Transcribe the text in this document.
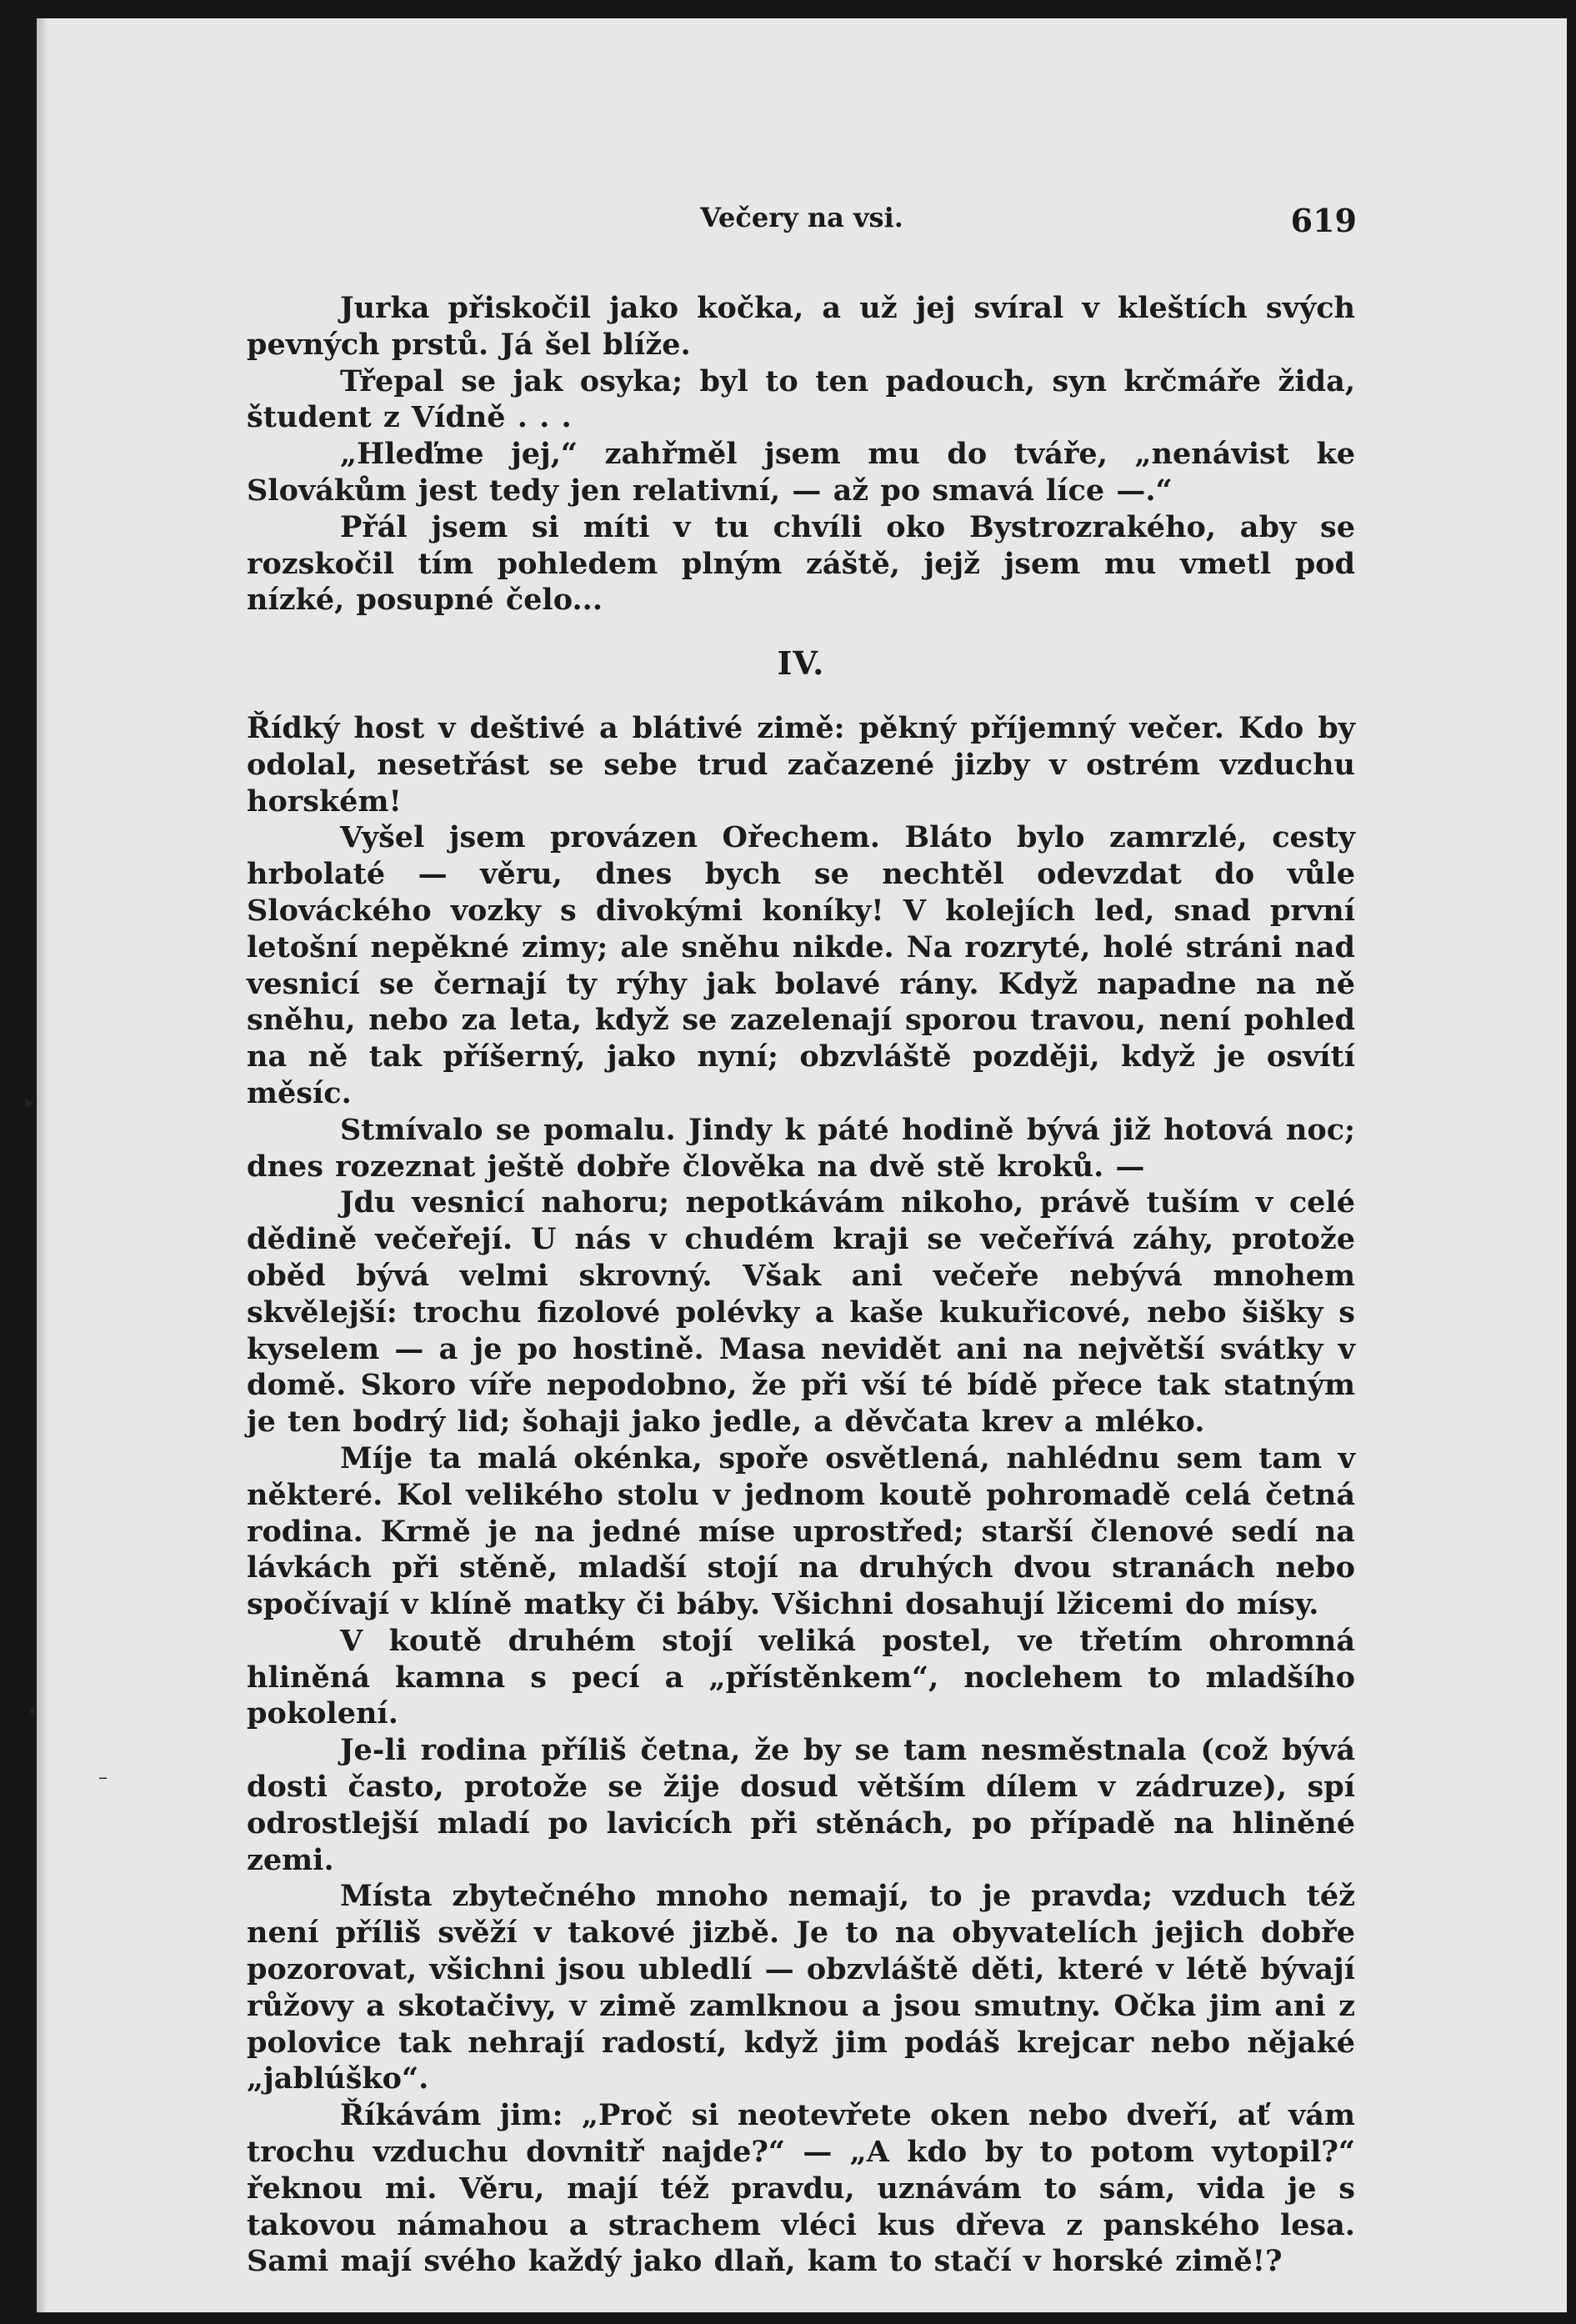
Večery na vsi.	619

Jurka přiskočil jako kočka, a už jej svíral v kleštích svých pevných prstů. Já šel blíže.

Třepal se jak osyka; byl to ten padouch, syn krčmáře žida, študent z Vídně . . .

„Hleďme jej,“ zahřměl jsem mu do tváře, „nenávist ke Slovákům jest tedy jen relativní, — až po smavá líce —.“

Přál jsem si míti v tu chvíli oko Bystrozrakého, aby se rozskočil tím pohledem plným záště, jejž jsem mu vmetl pod nízké, posupné čelo...

IV.

Řídký host v deštivé a blátivé zimě: pěkný příjemný večer. Kdo by odolal, nesetřást se sebe trud začazené jizby v ostrém vzduchu horském!

Vyšel jsem provázen Ořechem. Bláto bylo zamrzlé, cesty hrbolaté — věru, dnes bych se nechtěl odevzdat do vůle Slováckého vozky s divokými koníky! V kolejích led, snad první letošní nepěkné zimy; ale sněhu nikde. Na rozryté, holé stráni nad vesnicí se černají ty rýhy jak bolavé rány. Když napadne na ně sněhu, nebo za leta, když se zazelenají sporou travou, není pohled na ně tak příšerný, jako nyní; obzvláště později, když je osvítí měsíc.

Stmívalo se pomalu. Jindy k páté hodině bývá již hotová noc; dnes rozeznat ještě dobře člověka na dvě stě kroků. —

Jdu vesnicí nahoru; nepotkávám nikoho, právě tuším v celé dědině večeřejí. U nás v chudém kraji se večeřívá záhy, protože oběd bývá velmi skrovný. Však ani večeře nebývá mnohem skvělejší: trochu fizolové polévky a kaše kukuřicové, nebo šišky s kyselem — a je po hostině. Masa nevidět ani na největší svátky v domě. Skoro víře nepodobno, že při vší té bídě přece tak statným je ten bodrý lid; šohaji jako jedle, a děvčata krev a mléko.

Míje ta malá okénka, spoře osvětlená, nahlédnu sem tam v některé. Kol velikého stolu v jednom koutě pohromadě celá četná rodina. Krmě je na jedné míse uprostřed; starší členové sedí na lávkách při stěně, mladší stojí na druhých dvou stranách nebo spočívají v klíně matky či báby. Všichni dosahují lžicemi do mísy.

V koutě druhém stojí veliká postel, ve třetím ohromná hliněná kamna s pecí a „přístěnkem“, noclehem to mladšího pokolení.

Je-li rodina příliš četna, že by se tam nesměstnala (což bývá dosti často, protože se žije dosud větším dílem v zádruze), spí odrostlejší mladí po lavicích při stěnách, po případě na hliněné zemi.

Místa zbytečného mnoho nemají, to je pravda; vzduch též není příliš svěží v takové jizbě. Je to na obyvatelích jejich dobře pozorovat, všichni jsou ubledlí — obzvláště děti, které v létě bývají růžovy a skotačivy, v zimě zamlknou a jsou smutny. Očka jim ani z polovice tak nehrají radostí, když jim podáš krejcar nebo nějaké „jablúško“.

Říkávám jim: „Proč si neotevřete oken nebo dveří, ať vám trochu vzduchu dovnitř najde?“ — „A kdo by to potom vytopil?“ řeknou mi. Věru, mají též pravdu, uznávám to sám, vida je s takovou námahou a strachem vléci kus dřeva z panského lesa. Sami mají svého každý jako dlaň, kam to stačí v horské zimě!?

▸
•
–
